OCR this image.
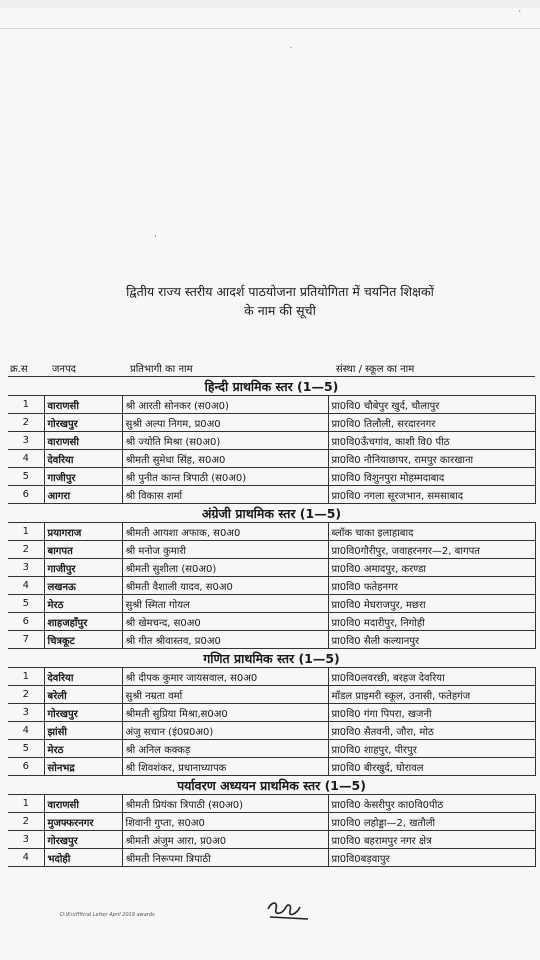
·
·
द्वितीय राज्य स्तरीय आदर्श पाठयोजना प्रतियोगिता में चयनित शिक्षकों
के नाम की सूची
क्र.स जनपद	प्रतिभागी का नाम	संस्था / स्कूल का नाम
हिन्दी प्राथमिक स्तर (1—5)			
1	वाराणसी	श्री आरती सोनकर (स0अ0)	प्रा0वि0 चौबेपुर खुर्द, चौलापुर
2	गोरखपुर	सुश्री अल्पा निगम, प्र0अ0	प्रा0वि0 तिलौली, सरदारनगर
3	वाराणसी	श्री ज्योति मिश्रा (स0अ0)	प्रा0वि0ऊँचगांव, काशी वि0 पीठ
4	देवरिया	श्रीमती सुमेधा सिंह, स0अ0	प्रा0वि0 नौनियाछापर, रामपुर कारखाना
5	गाजीपुर	श्री पुनीत कान्त त्रिपाठी (स0अ0)	प्रा0वि0 विशुनपुरा मोहम्मदाबाद
6	आगरा	श्री विकास शर्मा	प्रा0वि0 नगला सूरजभान, समसाबाद
अंग्रेजी प्राथमिक स्तर (1—5)			
1	प्रयागराज	श्रीमती आयशा अफाक, स0अ0	ब्लॉक चाका इलाहाबाद
2	बागपत	श्री मनोज कुमारी	प्रा0वि0गौरीपुर, जवाहरनगर—2, बागपत
3	गाजीपुर	श्रीमती सुशीला (स0अ0)	प्रा0वि0 अमादपुर, करण्डा
4	लखनऊ	श्रीमती वैशाली यादव, स0अ0	प्रा0वि0 फतेहनगर
5	मेरठ	सुश्री स्मिता गोयल	प्रा0वि0 मेघराजपुर, मछरा
6	शाहजहाँपुर	श्री खेमचन्द, स0अ0	प्रा0वि0 मदारीपुर, निगोही
7	चित्रकूट	श्री गीत श्रीवास्तव, प्र0अ0	प्रा0वि0 सैली कल्यानपुर
गणित प्राथमिक स्तर (1—5)			
1	देवरिया	श्री दीपक कुमार जायसवाल, स0अ0	प्रा0वि0लवरछी, बरहज देवरिया
2	बरेली	सुश्री नम्रता वर्मा	मॉडल प्राइमरी स्कूल, उनासी, फतेहगंज
3	गोरखपुर	श्रीमती सुप्रिया मिश्रा,स0अ0	प्रा0वि0 गंगा पिपरा, खजनी
4	झांसी	अंजु सचान (इं0प्र0अ0)	प्रा0वि0 सैतवनी, जौरा, मोठ
5	मेरठ	श्री अनिल कक्कड़	प्रा0वि0 शाहपुर, पीरपुर
6	सोनभद्र	श्री शिवशंकर, प्रधानाध्यापक	प्रा0वि0 बीरखुर्द, घोरावल
पर्यावरण अध्ययन प्राथमिक स्तर (1—5)			
1	वाराणसी	श्रीमती प्रियंका त्रिपाठी (स0अ0)	प्रा0वि0 केसरीपुर का0वि0पीठ
2	मुजफ्फरनगर	शिवानी गुप्ता, स0अ0	प्रा0वि0 लहोड्डा—2, खतौली
3	गोरखपुर	श्रीमती अंजुम आरा, प्र0अ0	प्रा0वि0 बहरामपुर नगर क्षेत्र
4	भदोही	श्रीमती निरूपमा त्रिपाठी	प्रा0वि0बड़वापुर
D:\Kruffficial Letter April 2019 awards
